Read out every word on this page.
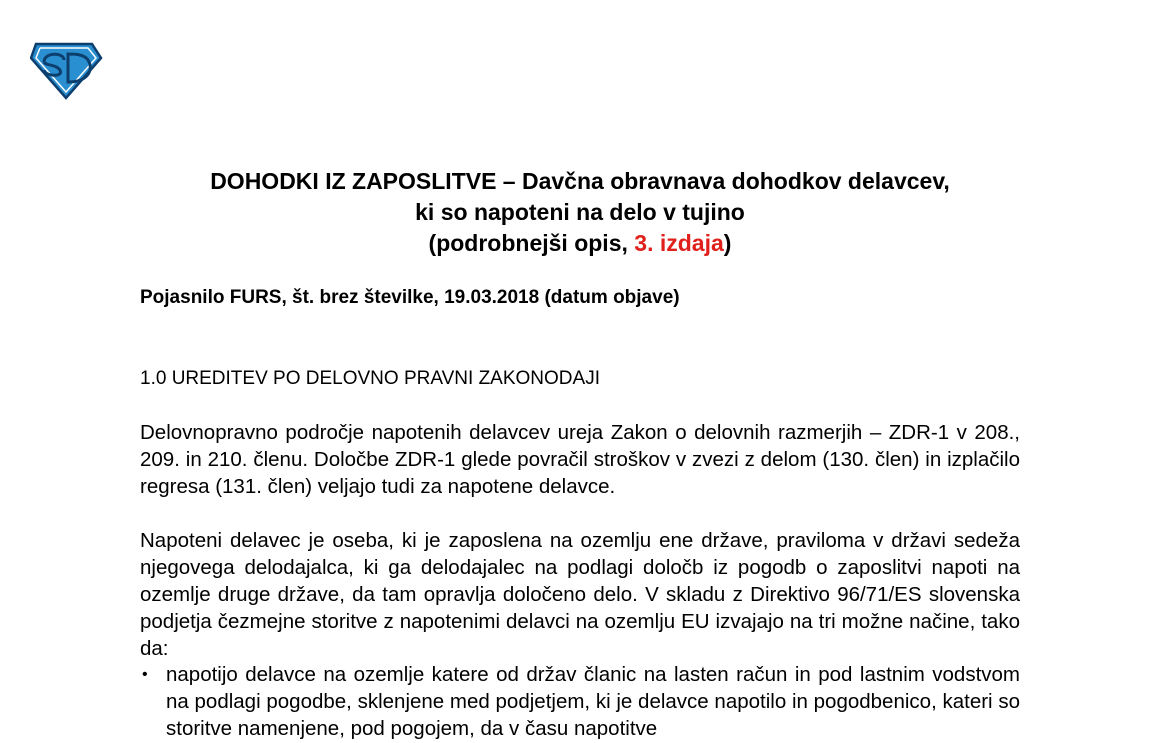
DOHODKI IZ ZAPOSLITVE – Davčna obravnava dohodkov delavcev,
ki so napoteni na delo v tujino
(podrobnejši opis, 3. izdaja)
Pojasnilo FURS, št. brez številke, 19.03.2018 (datum objave)
1.0 UREDITEV PO DELOVNO PRAVNI ZAKONODAJI

Delovnopravno področje napotenih delavcev ureja Zakon o delovnih razmerjih – ZDR-1 v 208., 209. in 210. členu. Določbe ZDR-1 glede povračil stroškov v zvezi z delom (130. člen) in izplačilo regresa (131. člen) veljajo tudi za napotene delavce.

Napoteni delavec je oseba, ki je zaposlena na ozemlju ene države, praviloma v državi sedeža njegovega delodajalca, ki ga delodajalec na podlagi določb iz pogodb o zaposlitvi napoti na ozemlje druge države, da tam opravlja določeno delo. V skladu z Direktivo 96/71/ES slovenska podjetja čezmejne storitve z napotenimi delavci na ozemlju EU izvajajo na tri možne načine, tako da:

• napotijo delavce na ozemlje katere od držav članic na lasten račun in pod lastnim vodstvom na podlagi pogodbe, sklenjene med podjetjem, ki je delavce napotilo in pogodbenico, kateri so storitve namenjene, pod pogojem, da v času napotitve
